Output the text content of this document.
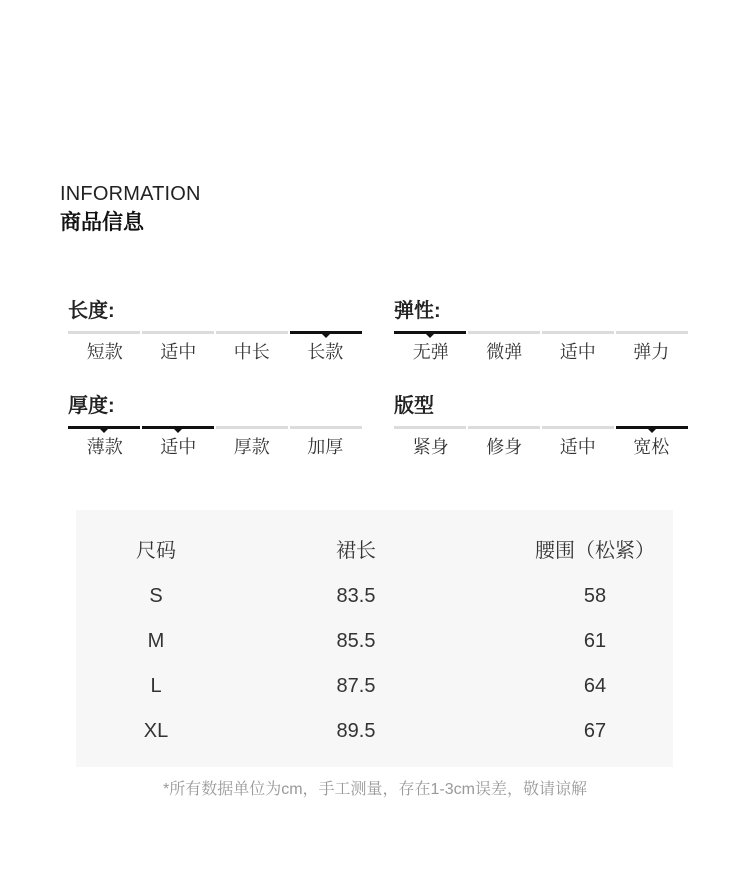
INFORMATION
商品信息
长度:
短款	适中	中长	长款
弹性:
无弹	微弹	适中	弹力
厚度:
薄款	适中	厚款	加厚
版型
紧身	修身	适中	宽松
尺码	裙长	腰围（松紧）
S	83.5	58
M	85.5	61
L	87.5	64
XL	89.5	67
*所有数据单位为cm，手工测量，存在1-3cm误差，敬请谅解
